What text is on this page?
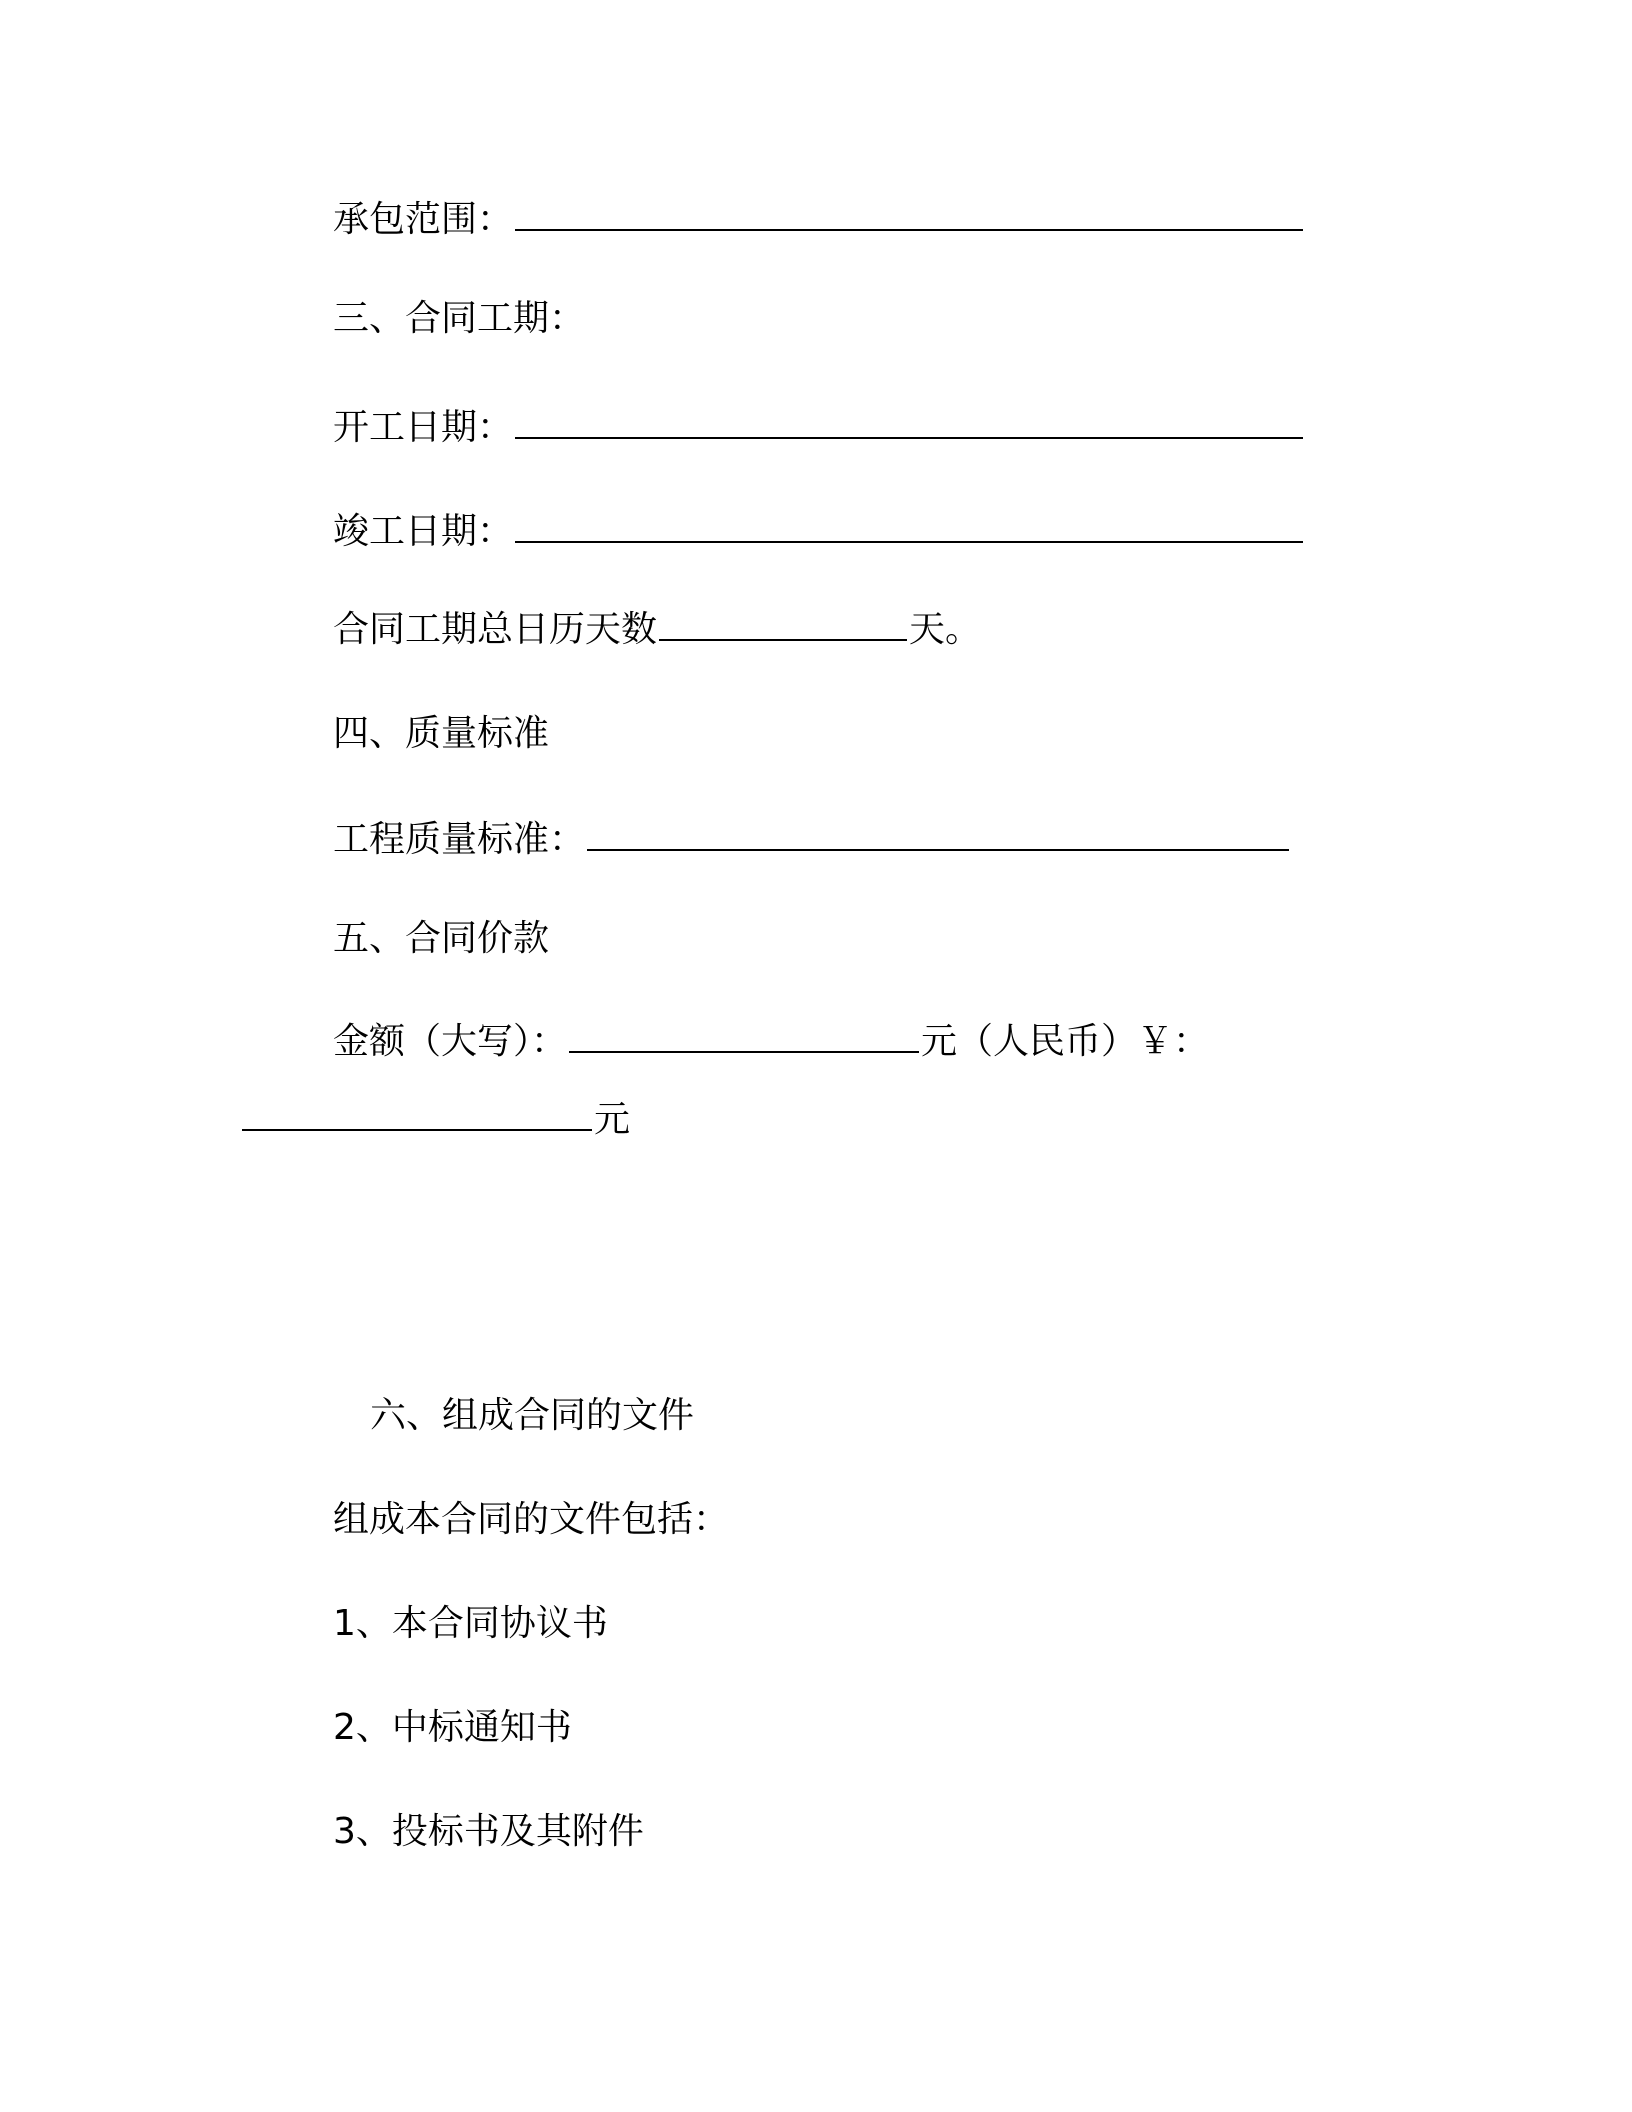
承包范围：
三、合同工期：
开工日期：
竣工日期：
合同工期总日历天数	天。
四、质量标准
工程质量标准：
五、合同价款
金额（大写）：	元（人民币）￥：
元
六、组成合同的文件
组成本合同的文件包括：
1、本合同协议书
2、中标通知书
3、投标书及其附件
